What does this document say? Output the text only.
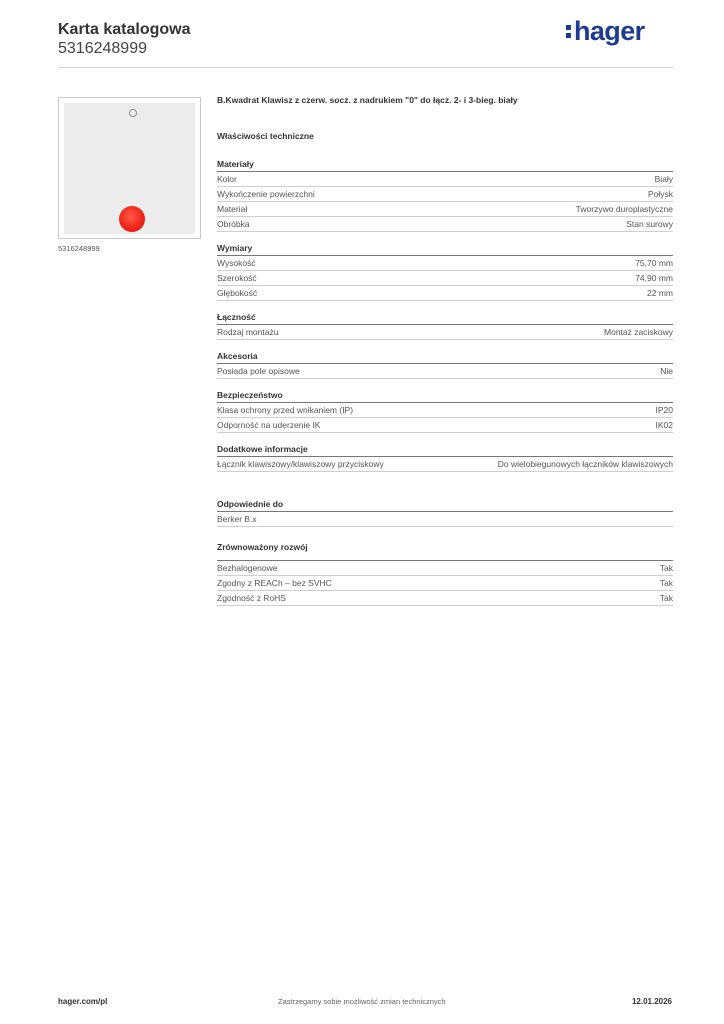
Karta katalogowa
5316248999
hager
5316248999
B.Kwadrat Klawisz z czerw. socz. z nadrukiem "0" do łącz. 2- i 3-bieg. biały
Właściwości techniczne
Materiały
Kolor	Biały
Wykończenie powierzchni	Połysk
Materiał	Tworzywo duroplastyczne
Obróbka	Stan surowy
Wymiary
Wysokość	75,70 mm
Szerokość	74,90 mm
Głębokość	22 mm
Łączność
Rodzaj montażu	Montaż zaciskowy
Akcesoria
Posiada pole opisowe	Nie
Bezpieczeństwo
Klasa ochrony przed wnikaniem (IP)	IP20
Odporność na uderzenie IK	IK02
Dodatkowe informacje
Łącznik klawiszowy/klawiszowy przyciskowy	Do wielobiegunowych łączników klawiszowych
Odpowiednie do
Berker B.x
Zrównoważony rozwój
Bezhalogenowe	Tak
Zgodny z REACh – bez SVHC	Tak
Zgodność z RoHS	Tak
hager.com/pl	Zastrzegamy sobie możliwość zmian technicznych	12.01.2026
